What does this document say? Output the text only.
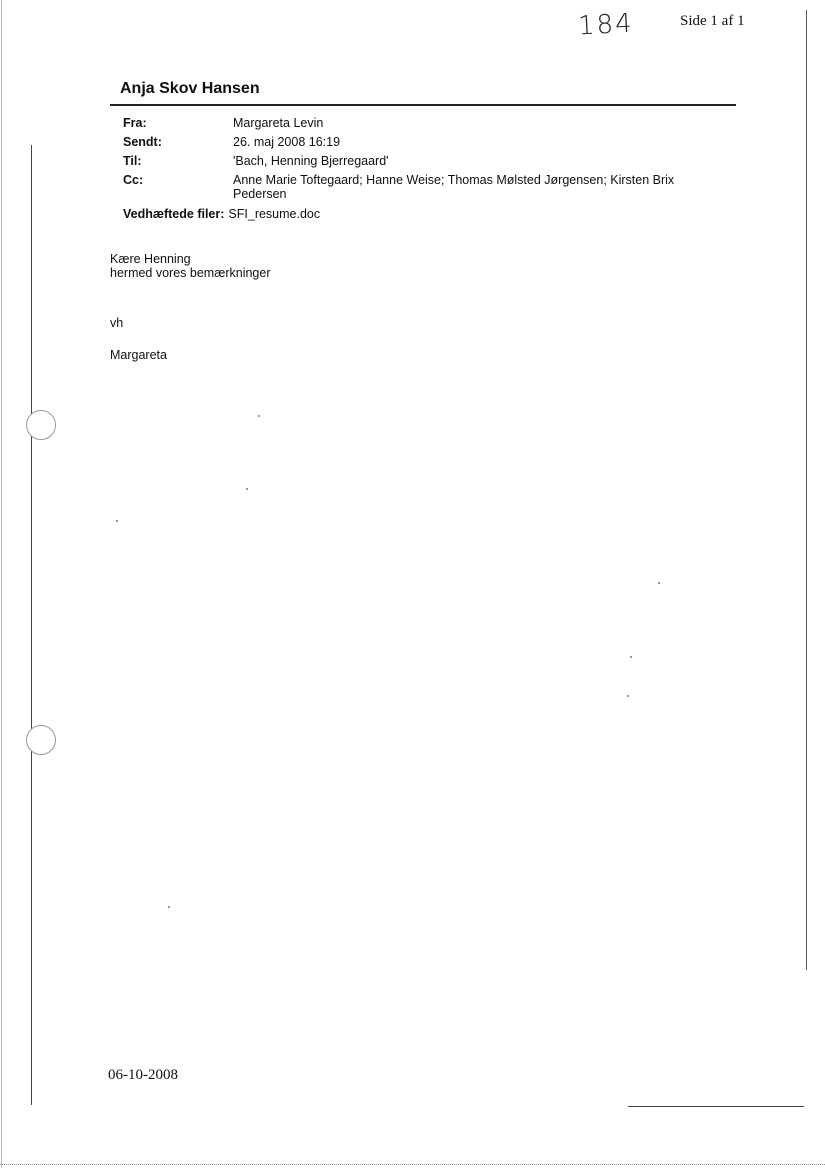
184	Side 1 af 1
Anja Skov Hansen
Fra:	Margareta Levin
Sendt:	26. maj 2008 16:19
Til:	'Bach, Henning Bjerregaard'
Cc:	Anne Marie Toftegaard; Hanne Weise; Thomas Mølsted Jørgensen; Kirsten Brix Pedersen
Vedhæftede filer: SFI_resume.doc
Kære Henning
hermed vores bemærkninger
vh
Margareta
06-10-2008
